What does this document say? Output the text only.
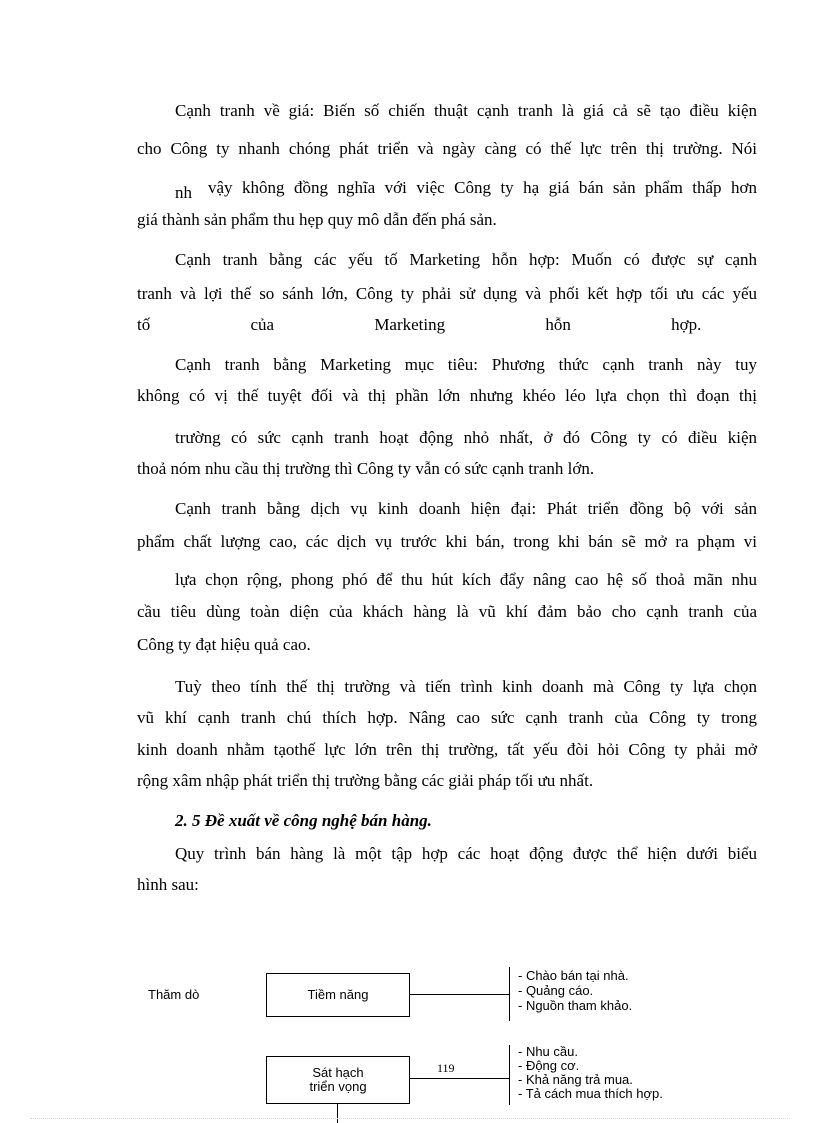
Cạnh tranh về giá: Biến số chiến thuật cạnh tranh là giá cả sẽ tạo điều kiện
cho Công ty nhanh chóng phát triển và ngày càng có thế lực trên thị trường. Nói
nh vậy không đồng nghĩa với việc Công ty hạ giá bán sản phẩm thấp hơn
giá thành sản phẩm thu hẹp quy mô dẫn đến phá sản.
Cạnh tranh bằng các yếu tố Marketing hỗn hợp: Muốn có được sự cạnh
tranh và lợi thế so sánh lớn, Công ty phải sử dụng và phối kết hợp tối ưu các yếu
tố của Marketing hỗn hợp.
Cạnh tranh bằng Marketing mục tiêu: Phương thức cạnh tranh này tuy
không có vị thế tuyệt đối và thị phần lớn nhưng khéo léo lựa chọn thì đoạn thị
trường có sức cạnh tranh hoạt động nhỏ nhất, ở đó Công ty có điều kiện
thoả nóm nhu cầu thị trường thì Công ty vẫn có sức cạnh tranh lớn.
Cạnh tranh bằng dịch vụ kinh doanh hiện đại: Phát triển đồng bộ với sản
phẩm chất lượng cao, các dịch vụ trước khi bán, trong khi bán sẽ mở ra phạm vi
lựa chọn rộng, phong phó để thu hút kích đẩy nâng cao hệ số thoả mãn nhu
cầu tiêu dùng toàn diện của khách hàng là vũ khí đảm bảo cho cạnh tranh của
Công ty đạt hiệu quả cao.
Tuỳ theo tính thế thị trường và tiến trình kinh doanh mà Công ty lựa chọn
vũ khí cạnh tranh chú thích hợp. Nâng cao sức cạnh tranh của Công ty trong
kinh doanh nhằm tạothế lực lớn trên thị trường, tất yếu đòi hỏi Công ty phải mở
rộng xâm nhập phát triển thị trường bằng các giải pháp tối ưu nhất.
2. 5 Đề xuất về công nghệ bán hàng.
Quy trình bán hàng là một tập hợp các hoạt động được thể hiện dưới biểu
hình sau:
Thăm dò	Tiềm năng
- Chào bán tại nhà.
- Quảng cáo.
- Nguồn tham khảo.
Sát hạch
triển vọng
- Nhu cầu.
- Động cơ.
- Khả năng trả mua.
- Tả cách mua thích hợp.
119
